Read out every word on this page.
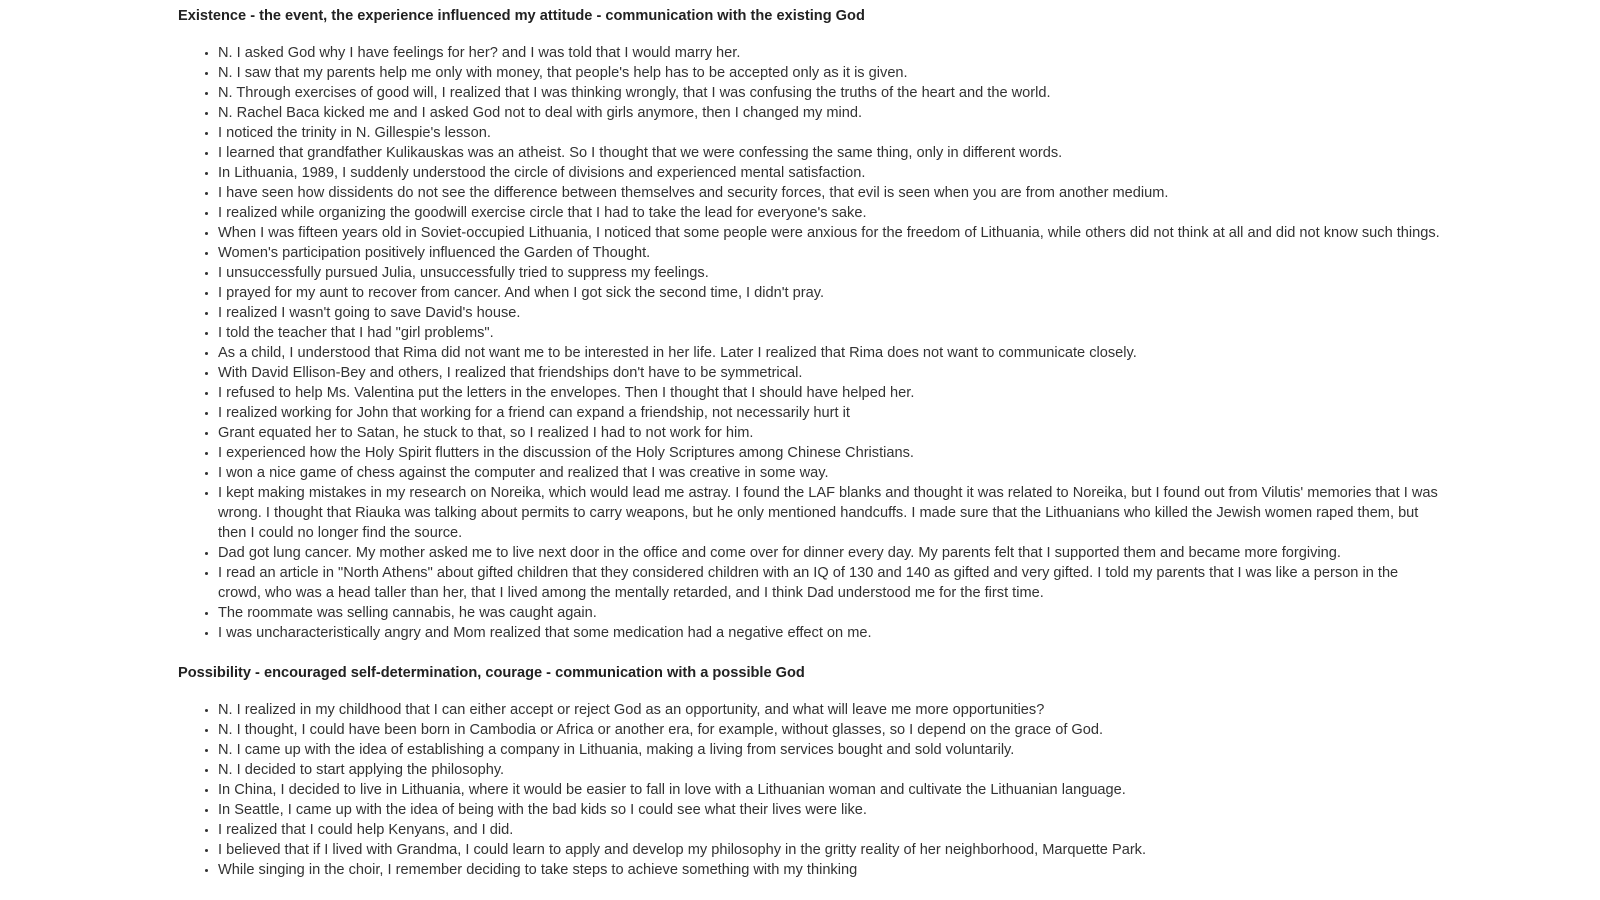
Existence - the event, the experience influenced my attitude - communication with the existing God
• N. I asked God why I have feelings for her? and I was told that I would marry her.
• N. I saw that my parents help me only with money, that people's help has to be accepted only as it is given.
• N. Through exercises of good will, I realized that I was thinking wrongly, that I was confusing the truths of the heart and the world.
• N. Rachel Baca kicked me and I asked God not to deal with girls anymore, then I changed my mind.
• I noticed the trinity in N. Gillespie's lesson.
• I learned that grandfather Kulikauskas was an atheist. So I thought that we were confessing the same thing, only in different words.
• In Lithuania, 1989, I suddenly understood the circle of divisions and experienced mental satisfaction.
• I have seen how dissidents do not see the difference between themselves and security forces, that evil is seen when you are from another medium.
• I realized while organizing the goodwill exercise circle that I had to take the lead for everyone's sake.
• When I was fifteen years old in Soviet-occupied Lithuania, I noticed that some people were anxious for the freedom of Lithuania, while others did not think at all and did not know such things.
• Women's participation positively influenced the Garden of Thought.
• I unsuccessfully pursued Julia, unsuccessfully tried to suppress my feelings.
• I prayed for my aunt to recover from cancer. And when I got sick the second time, I didn't pray.
• I realized I wasn't going to save David's house.
• I told the teacher that I had "girl problems".
• As a child, I understood that Rima did not want me to be interested in her life. Later I realized that Rima does not want to communicate closely.
• With David Ellison-Bey and others, I realized that friendships don't have to be symmetrical.
• I refused to help Ms. Valentina put the letters in the envelopes. Then I thought that I should have helped her.
• I realized working for John that working for a friend can expand a friendship, not necessarily hurt it
• Grant equated her to Satan, he stuck to that, so I realized I had to not work for him.
• I experienced how the Holy Spirit flutters in the discussion of the Holy Scriptures among Chinese Christians.
• I won a nice game of chess against the computer and realized that I was creative in some way.
• I kept making mistakes in my research on Noreika, which would lead me astray. I found the LAF blanks and thought it was related to Noreika, but I found out from Vilutis' memories that I was wrong. I thought that Riauka was talking about permits to carry weapons, but he only mentioned handcuffs. I made sure that the Lithuanians who killed the Jewish women raped them, but then I could no longer find the source.
• Dad got lung cancer. My mother asked me to live next door in the office and come over for dinner every day. My parents felt that I supported them and became more forgiving.
• I read an article in "North Athens" about gifted children that they considered children with an IQ of 130 and 140 as gifted and very gifted. I told my parents that I was like a person in the crowd, who was a head taller than her, that I lived among the mentally retarded, and I think Dad understood me for the first time.
• The roommate was selling cannabis, he was caught again.
• I was uncharacteristically angry and Mom realized that some medication had a negative effect on me.
Possibility - encouraged self-determination, courage - communication with a possible God
• N. I realized in my childhood that I can either accept or reject God as an opportunity, and what will leave me more opportunities?
• N. I thought, I could have been born in Cambodia or Africa or another era, for example, without glasses, so I depend on the grace of God.
• N. I came up with the idea of establishing a company in Lithuania, making a living from services bought and sold voluntarily.
• N. I decided to start applying the philosophy.
• In China, I decided to live in Lithuania, where it would be easier to fall in love with a Lithuanian woman and cultivate the Lithuanian language.
• In Seattle, I came up with the idea of being with the bad kids so I could see what their lives were like.
• I realized that I could help Kenyans, and I did.
• I believed that if I lived with Grandma, I could learn to apply and develop my philosophy in the gritty reality of her neighborhood, Marquette Park.
• While singing in the choir, I remember deciding to take steps to achieve something with my thinking
